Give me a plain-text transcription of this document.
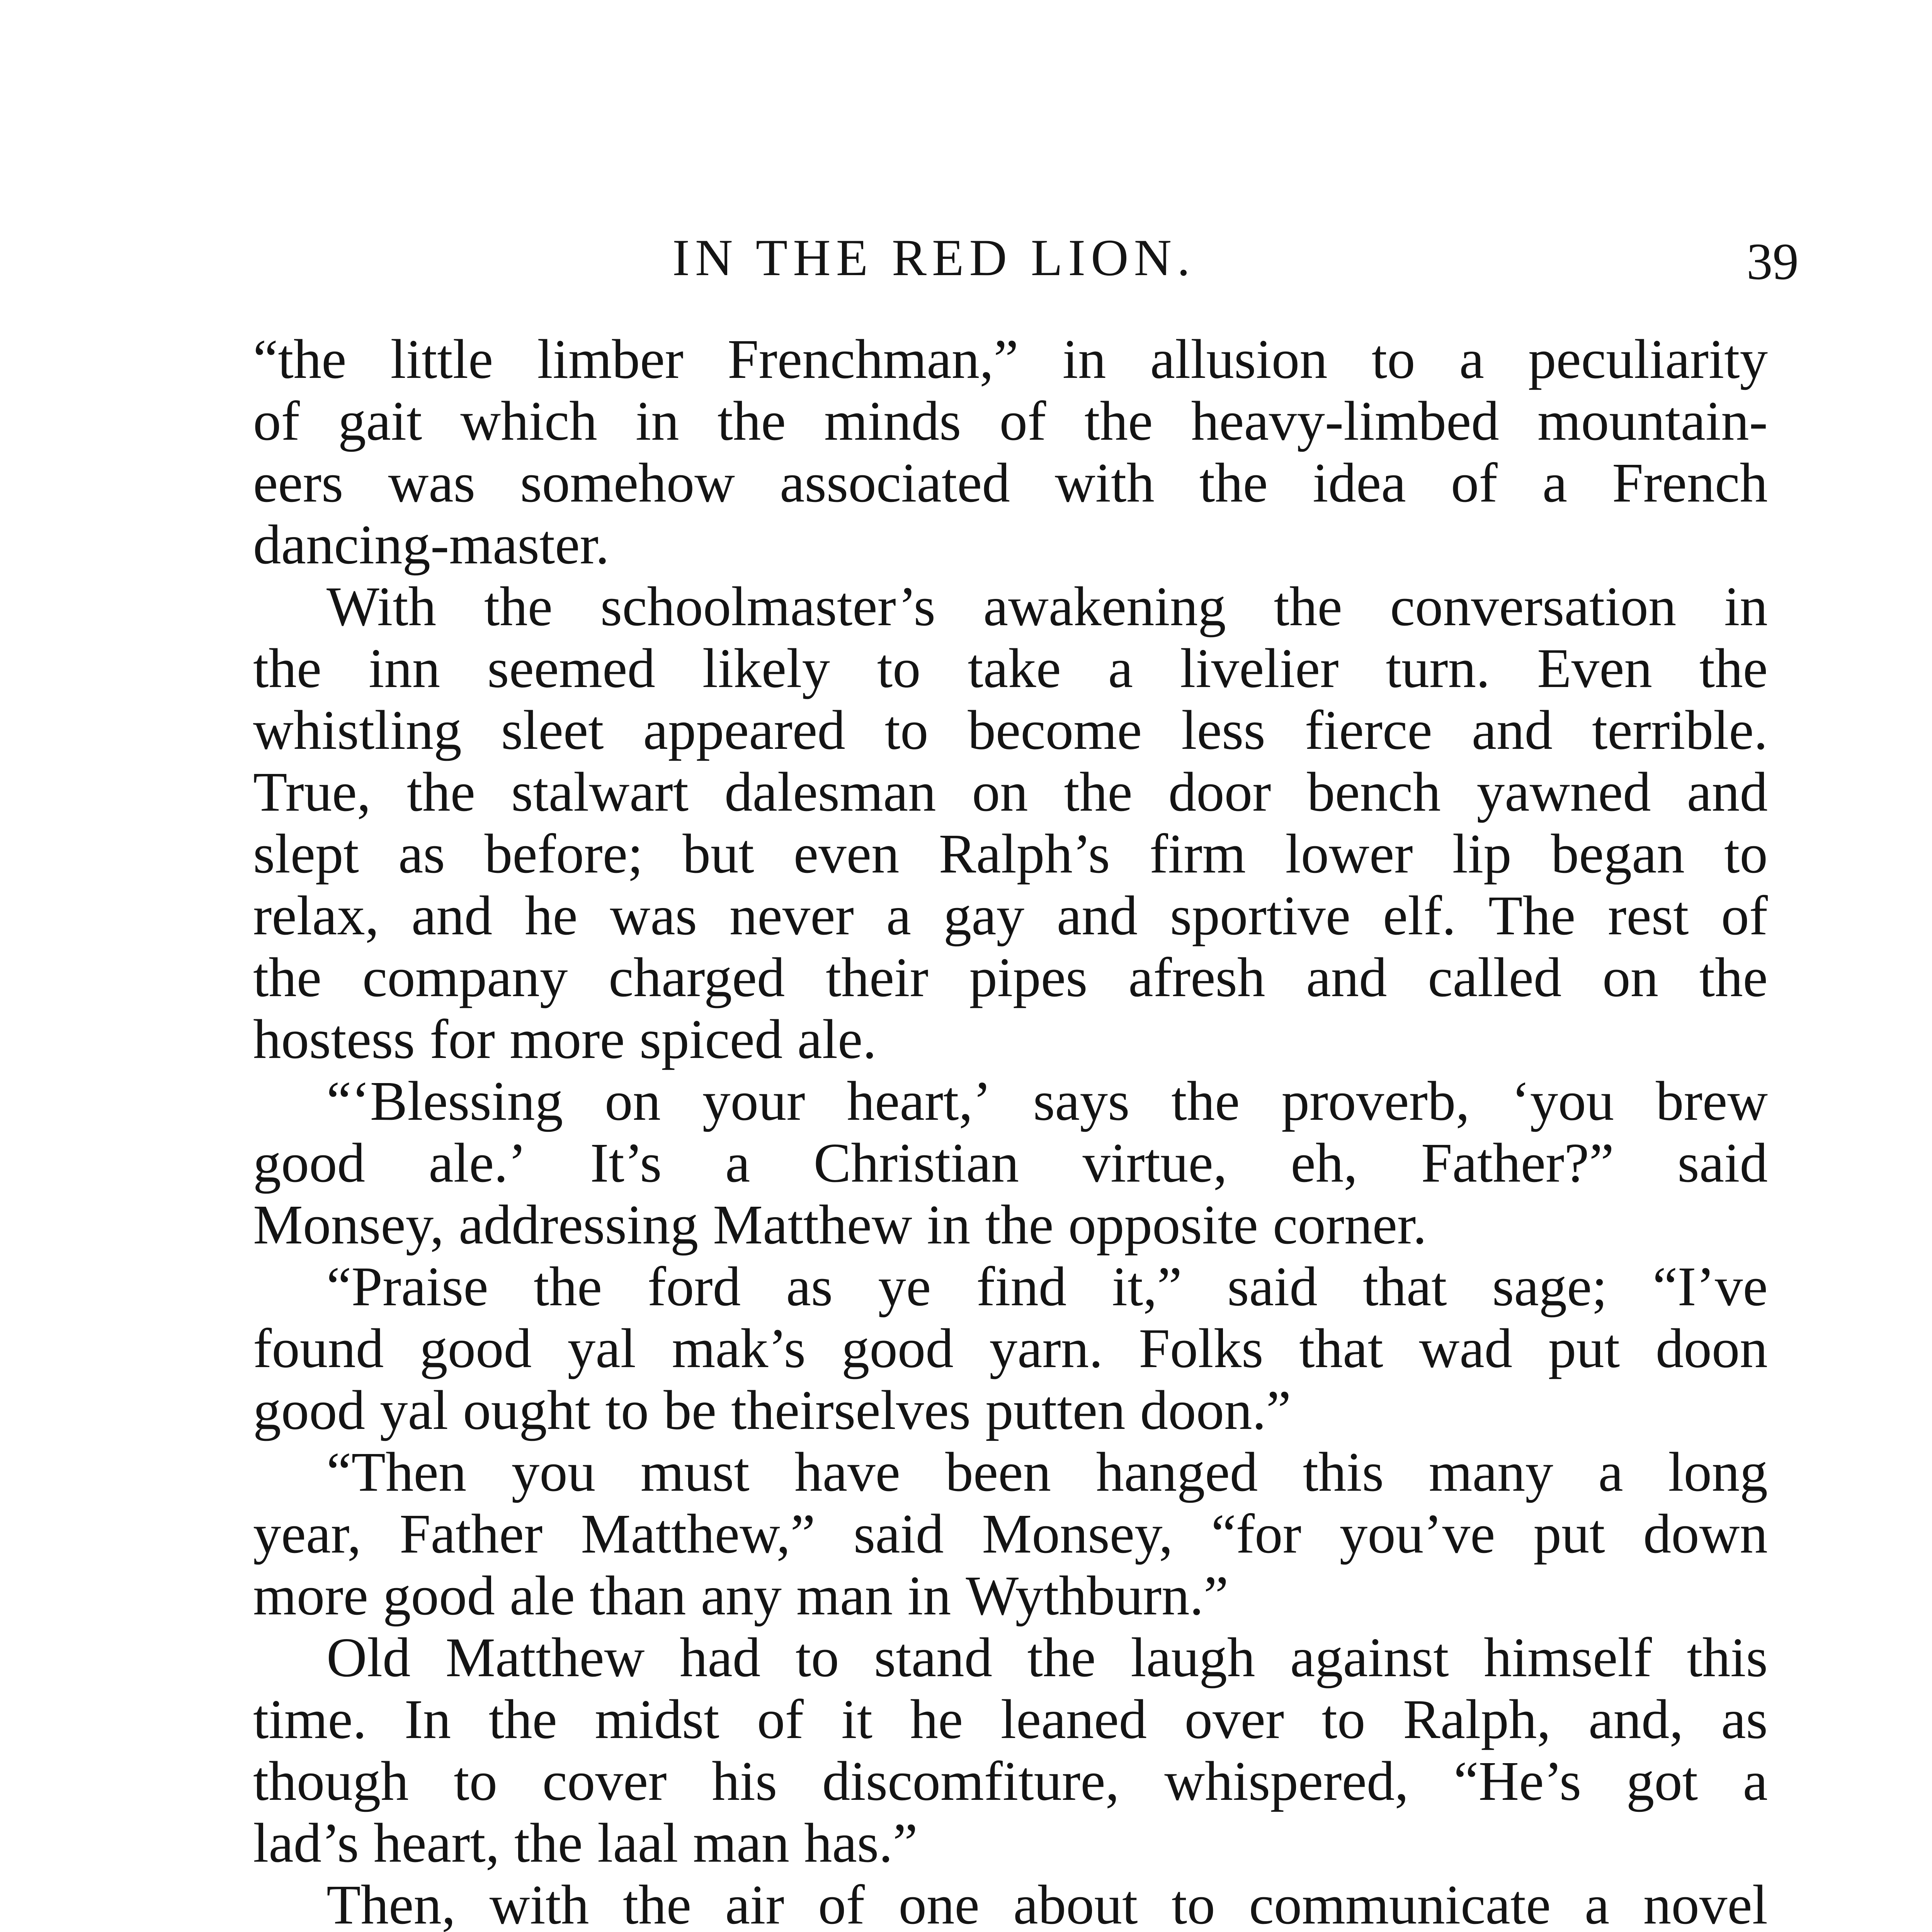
IN THE RED LION.	39
“the little limber Frenchman,” in allusion to a peculiarity
of gait which in the minds of the heavy-limbed mountain-
eers was somehow associated with the idea of a French
dancing-master.
With the schoolmaster’s awakening the conversation in
the inn seemed likely to take a livelier turn. Even the
whistling sleet appeared to become less fierce and terrible.
True, the stalwart dalesman on the door bench yawned and
slept as before; but even Ralph’s firm lower lip began to
relax, and he was never a gay and sportive elf. The rest of
the company charged their pipes afresh and called on the
hostess for more spiced ale.
“‘Blessing on your heart,’ says the proverb, ‘you brew
good ale.’ It’s a Christian virtue, eh, Father?” said
Monsey, addressing Matthew in the opposite corner.
“Praise the ford as ye find it,” said that sage; “I’ve
found good yal mak’s good yarn. Folks that wad put doon
good yal ought to be theirselves putten doon.”
“Then you must have been hanged this many a long
year, Father Matthew,” said Monsey, “for you’ve put down
more good ale than any man in Wythburn.”
Old Matthew had to stand the laugh against himself this
time. In the midst of it he leaned over to Ralph, and, as
though to cover his discomfiture, whispered, “He’s got a
lad’s heart, the laal man has.”
Then, with the air of one about to communicate a novel
